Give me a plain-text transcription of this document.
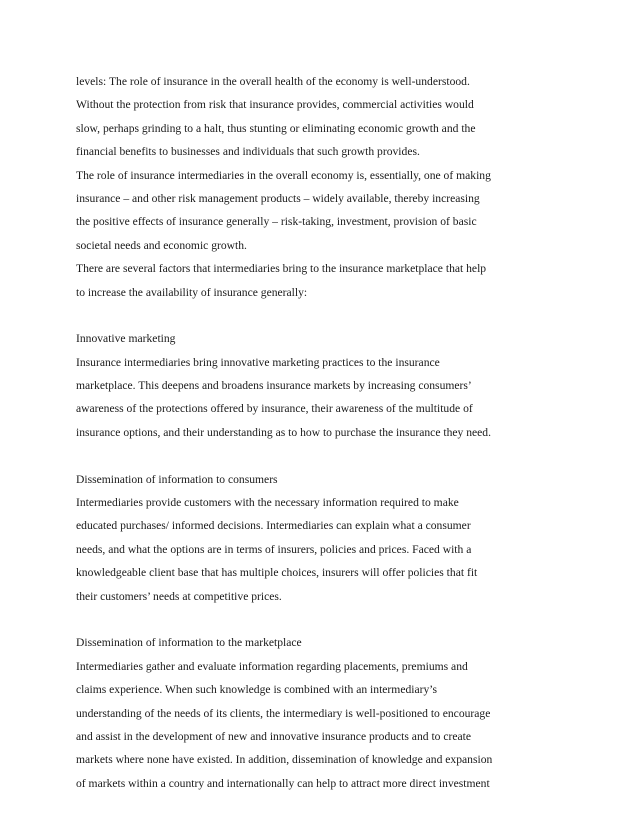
levels: The role of insurance in the overall health of the economy is well-understood.
Without the protection from risk that insurance provides, commercial activities would
slow, perhaps grinding to a halt, thus stunting or eliminating economic growth and the
financial benefits to businesses and individuals that such growth provides.
The role of insurance intermediaries in the overall economy is, essentially, one of making
insurance – and other risk management products – widely available, thereby increasing
the positive effects of insurance generally – risk-taking, investment, provision of basic
societal needs and economic growth.
There are several factors that intermediaries bring to the insurance marketplace that help
to increase the availability of insurance generally:
Innovative marketing
Insurance intermediaries bring innovative marketing practices to the insurance
marketplace. This deepens and broadens insurance markets by increasing consumers’
awareness of the protections offered by insurance, their awareness of the multitude of
insurance options, and their understanding as to how to purchase the insurance they need.
Dissemination of information to consumers
Intermediaries provide customers with the necessary information required to make
educated purchases/ informed decisions. Intermediaries can explain what a consumer
needs, and what the options are in terms of insurers, policies and prices. Faced with a
knowledgeable client base that has multiple choices, insurers will offer policies that fit
their customers’ needs at competitive prices.
Dissemination of information to the marketplace
Intermediaries gather and evaluate information regarding placements, premiums and
claims experience. When such knowledge is combined with an intermediary’s
understanding of the needs of its clients, the intermediary is well-positioned to encourage
and assist in the development of new and innovative insurance products and to create
markets where none have existed. In addition, dissemination of knowledge and expansion
of markets within a country and internationally can help to attract more direct investment
